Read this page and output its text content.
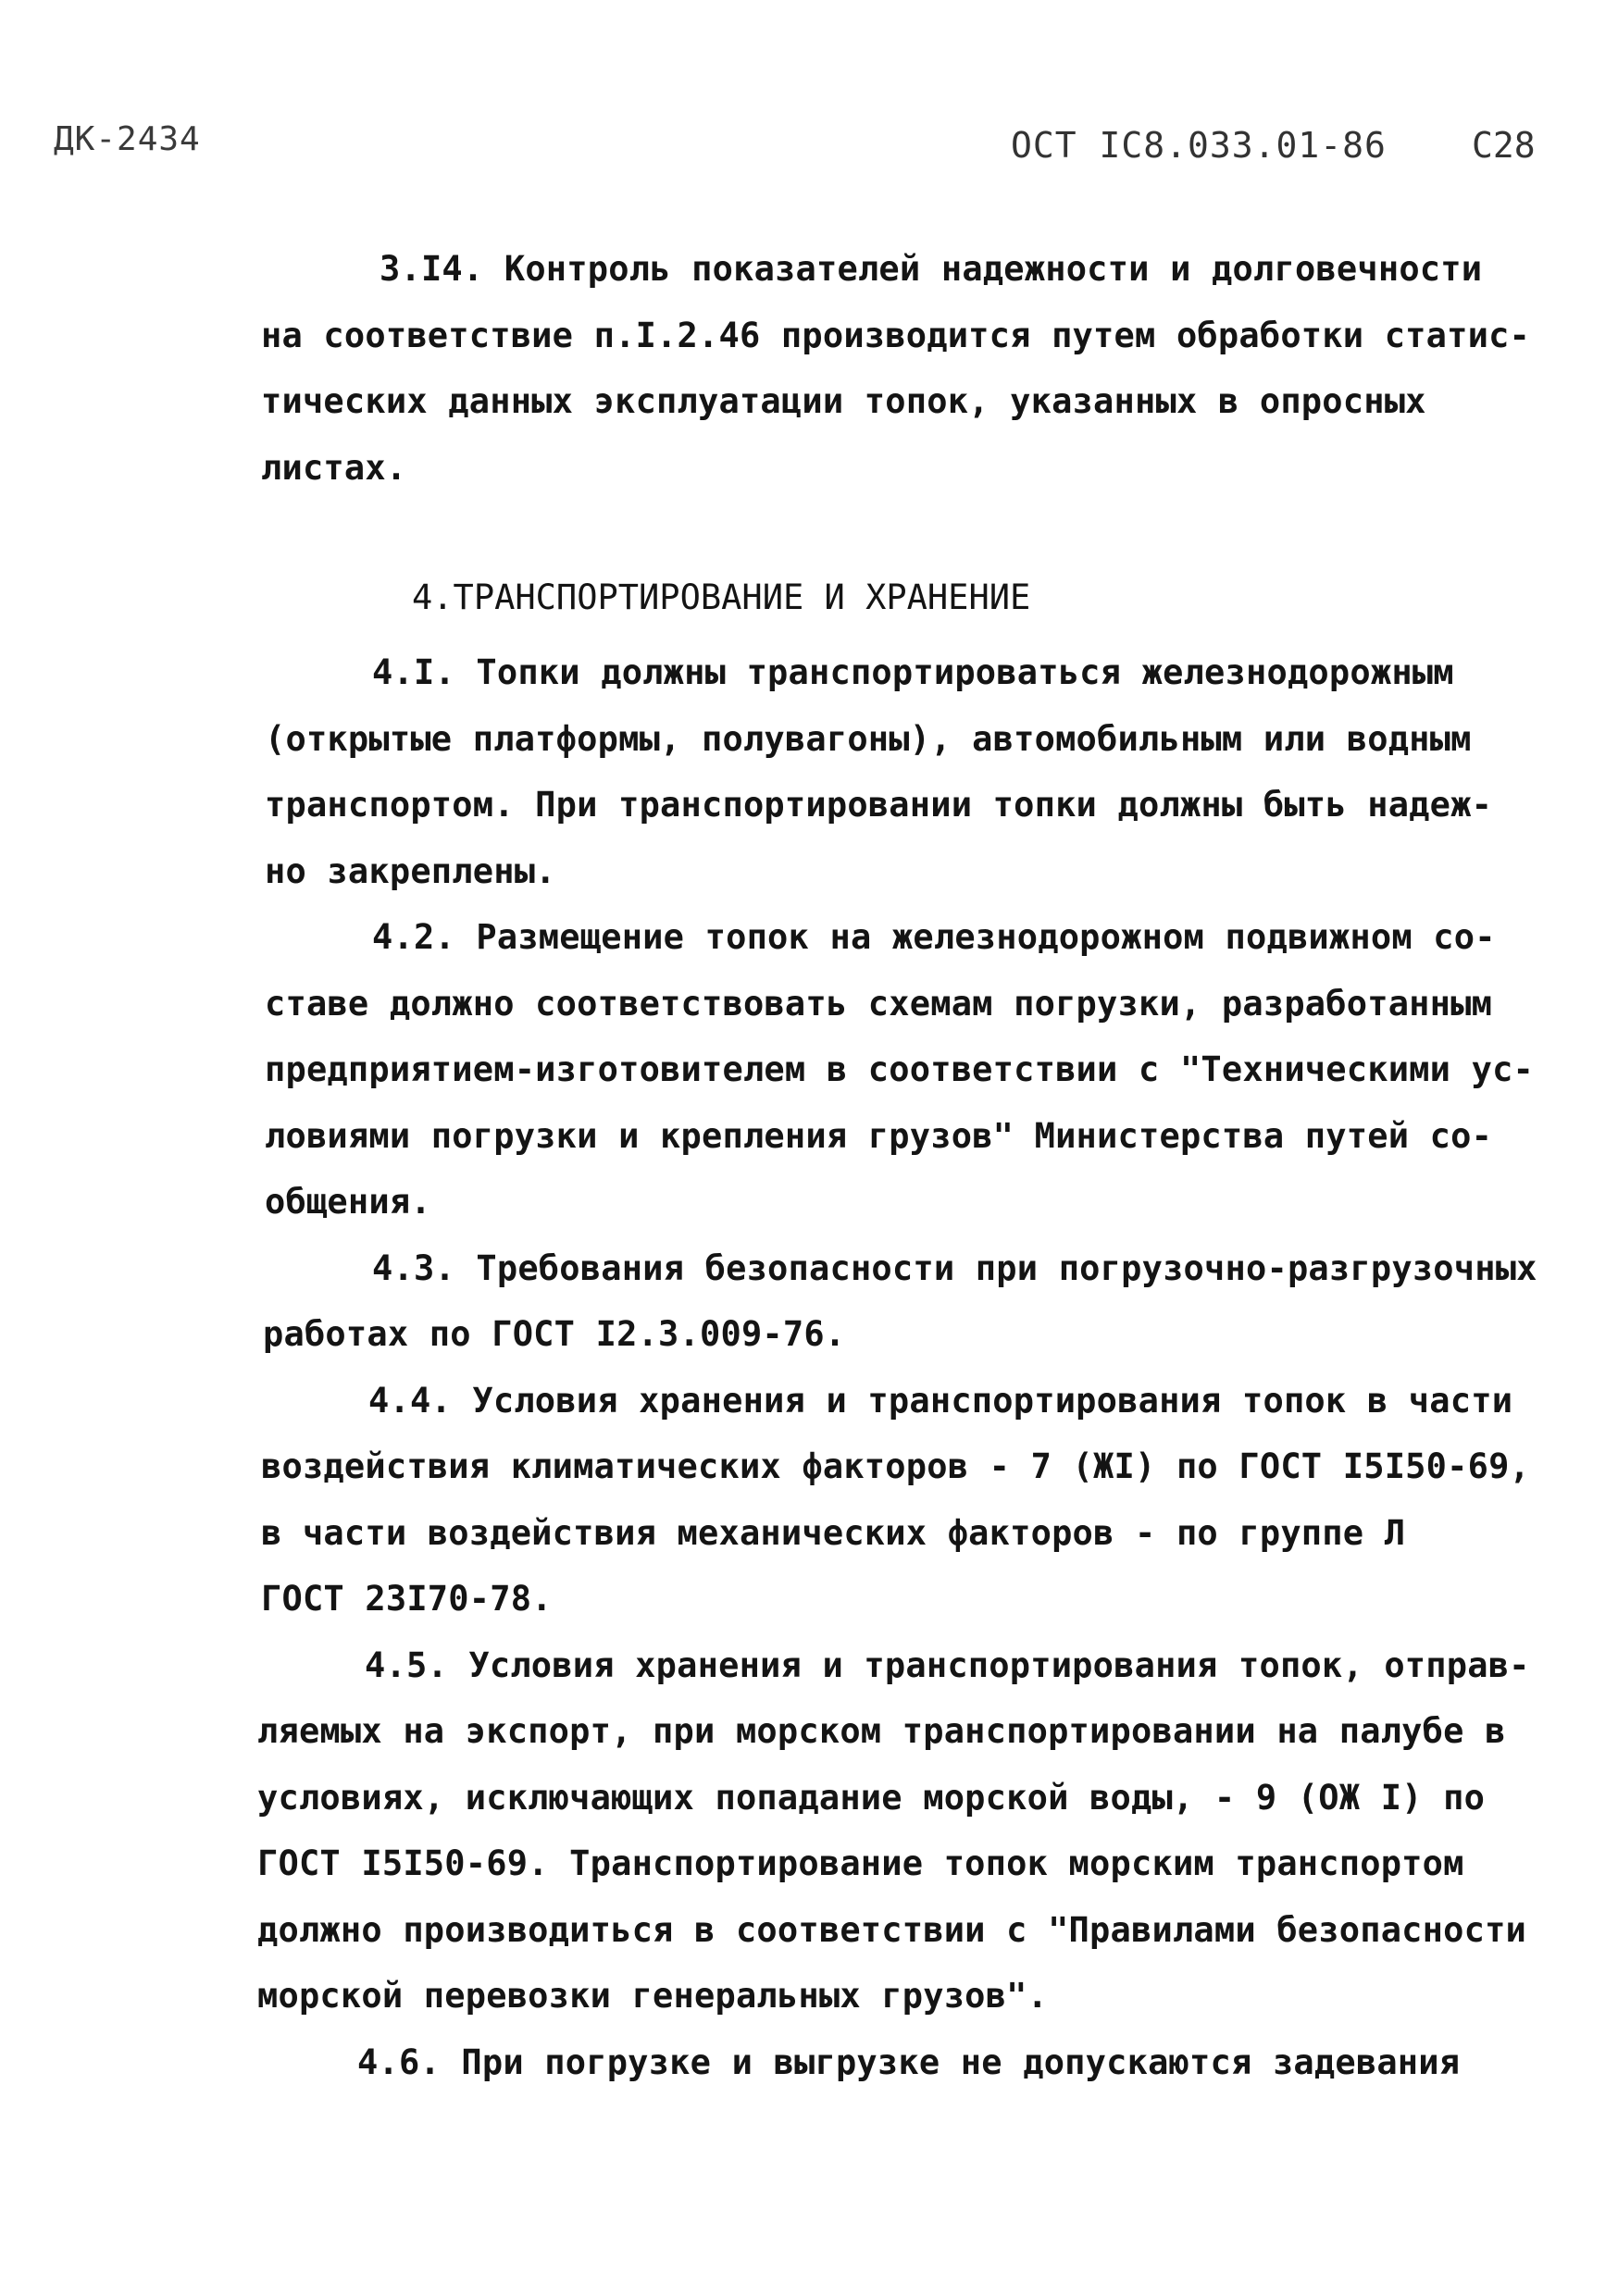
ДК-2434	ОСТ IС8.033.01-86 С28
3.I4. Контроль показателей надежности и долговечности
на соответствие п.I.2.46 производится путем обработки статис-
тических данных эксплуатации топок, указанных в опросных
листах.
4.ТРАНСПОРТИРОВАНИЕ И ХРАНЕНИЕ
4.I. Топки должны транспортироваться железнодорожным
(открытые платформы, полувагоны), автомобильным или водным
транспортом. При транспортировании топки должны быть надеж-
но закреплены.
4.2. Размещение топок на железнодорожном подвижном со-
ставе должно соответствовать схемам погрузки, разработанным
предприятием-изготовителем в соответствии с "Техническими ус-
ловиями погрузки и крепления грузов" Министерства путей со-
общения.
4.3. Требования безопасности при погрузочно-разгрузочных
работах по ГОСТ I2.3.009-76.
4.4. Условия хранения и транспортирования топок в части
воздействия климатических факторов - 7 (ЖI) по ГОСТ I5I50-69,
в части воздействия механических факторов - по группе Л
ГОСТ 23I70-78.
4.5. Условия хранения и транспортирования топок, отправ-
ляемых на экспорт, при морском транспортировании на палубе в
условиях, исключающих попадание морской воды, - 9 (ОЖ I) по
ГОСТ I5I50-69. Транспортирование топок морским транспортом
должно производиться в соответствии с "Правилами безопасности
морской перевозки генеральных грузов".
4.6. При погрузке и выгрузке не допускаются задевания
